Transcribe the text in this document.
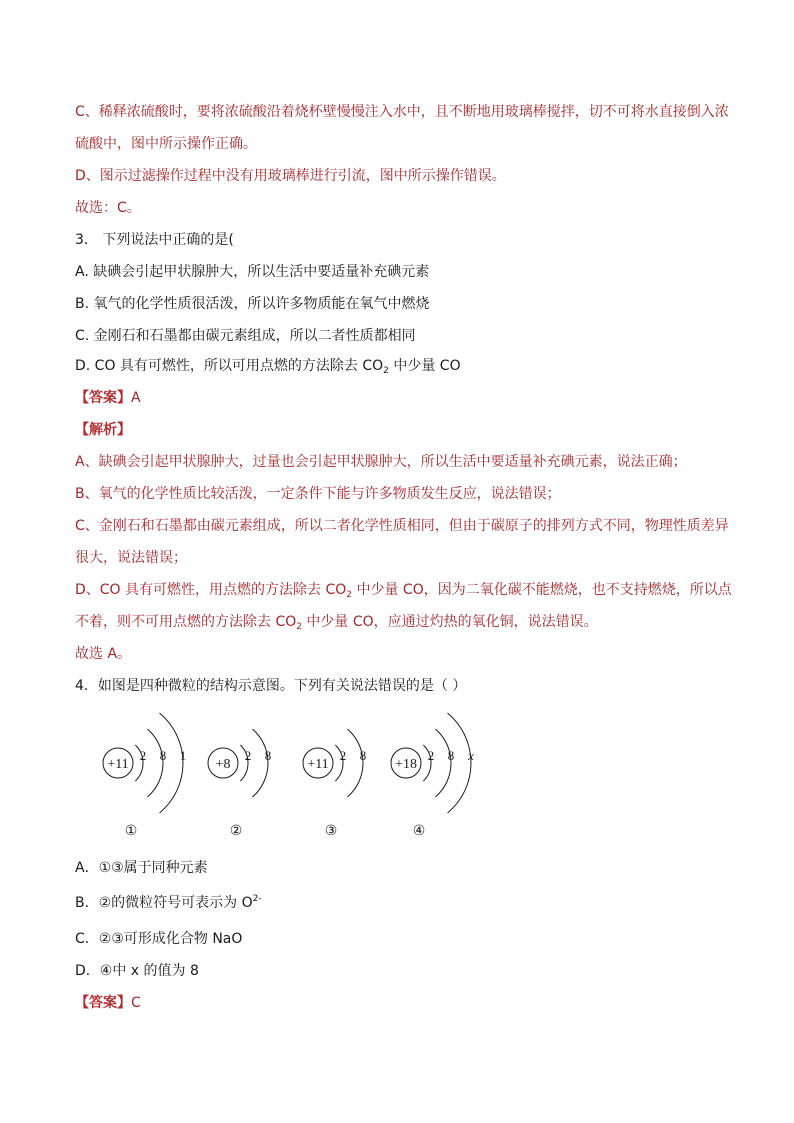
C、稀释浓硫酸时，要将浓硫酸沿着烧杯壁慢慢注入水中，且不断地用玻璃棒搅拌，切不可将水直接倒入浓
硫酸中，图中所示操作正确。
D、图示过滤操作过程中没有用玻璃棒进行引流，图中所示操作错误。
故选：C。
3． 下列说法中正确的是(
A. 缺碘会引起甲状腺肿大，所以生活中要适量补充碘元素
B. 氧气的化学性质很活泼，所以许多物质能在氧气中燃烧
C. 金刚石和石墨都由碳元素组成，所以二者性质都相同
D. CO 具有可燃性，所以可用点燃的方法除去 $CO_2$ 中少量 CO
【答案】A
【解析】
A、缺碘会引起甲状腺肿大，过量也会引起甲状腺肿大，所以生活中要适量补充碘元素，说法正确；
B、氧气的化学性质比较活泼，一定条件下能与许多物质发生反应，说法错误；
C、金刚石和石墨都由碳元素组成，所以二者化学性质相同，但由于碳原子的排列方式不同，物理性质差异
很大，说法错误；
D、CO 具有可燃性，用点燃的方法除去 $CO_2$ 中少量 CO，因为二氧化碳不能燃烧，也不支持燃烧，所以点
不着，则不可用点燃的方法除去 $CO_2$ 中少量 CO，应通过灼热的氧化铜，说法错误。
故选 A。
4．如图是四种微粒的结构示意图。下列有关说法错误的是（ ）
+11
2 8 1
①
+8
2 8
②
+11
2 8
③
+18
2 8 x
④
A．①③属于同种元素
B．②的微粒符号可表示为 $O^{2-}$
C．②③可形成化合物 NaO
D．④中 x 的值为 8
【答案】C
